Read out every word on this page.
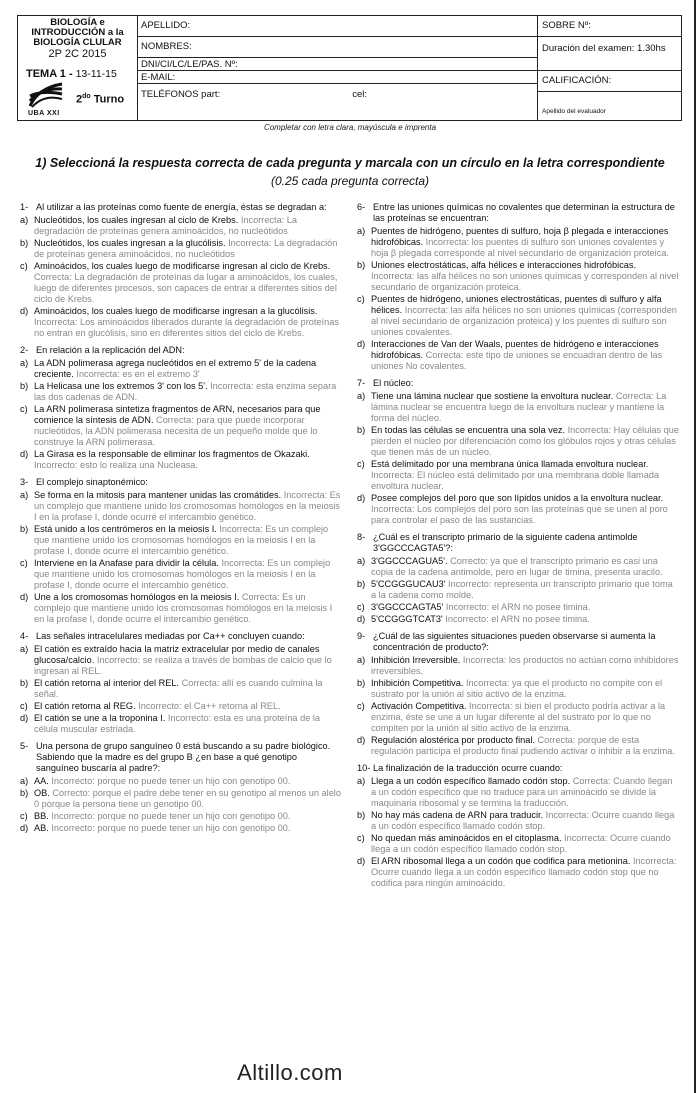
BIOLOGÍA e
INTRODUCCIÓN a la
BIOLOGÍA CLULAR
2P 2C 2015
TEMA 1 - 13-11-15
UBA XXI
$2^{do}$ Turno
APELLIDO:
NOMBRES:
DNI/CI/LC/LE/PAS. Nº:
E-MAIL:
TELÉFONOS part:	cel:
SOBRE Nº:
Duración del examen: 1.30hs
CALIFICACIÓN:
Apellido del evaluador
Completar con letra clara, mayúscula e imprenta
1) Seleccioná la respuesta correcta de cada pregunta y marcala con un círculo en la letra correspondiente
(0.25 cada pregunta correcta)
1- Al utilizar a las proteínas como fuente de energía, éstas se degradan a:
a) Nucleótidos, los cuales ingresan al ciclo de Krebs. Incorrecta: La degradación de proteínas genera aminoácidos, no nucleótidos
b) Nucleótidos, los cuales ingresan a la glucólisis. Incorrecta: La degradación de proteínas genera aminoácidos, no nucleótidos
c) Aminoácidos, los cuales luego de modificarse ingresan al ciclo de Krebs. Correcta: La degradación de proteínas da lugar a aminoácidos, los cuales, luego de diferentes procesos, son capaces de entrar a diferentes sitios del ciclo de Krebs.
d) Aminoácidos, los cuales luego de modificarse ingresan a la glucólisis. Incorrecta: Los aminoácidos liberados durante la degradación de proteínas no entran en glucólisis, sino en diferentes sitios del ciclo de Krebs.
2- En relación a la replicación del ADN:
a) La ADN polimerasa agrega nucleótidos en el extremo 5' de la cadena creciente. Incorrecta: es en el extremo 3'
b) La Helicasa une los extremos 3' con los 5'. Incorrecta: esta enzima separa las dos cadenas de ADN.
c) La ARN polimerasa sintetiza fragmentos de ARN, necesarios para que comience la síntesis de ADN. Correcta: para que puede incorporar nucleótidos, la ADN polimerasa necesita de un pequeño molde que lo construye la ARN polimerasa.
d) La Girasa es la responsable de eliminar los fragmentos de Okazaki. Incorrecto: esto lo realiza una Nucleasa.
3- El complejo sinaptonémico:
a) Se forma en la mitosis para mantener unidas las cromátides. Incorrecta: Es un complejo que mantiene unido los cromosomas homólogos en la meiosis I en la profase I, donde ocurre el intercambio genético.
b) Está unido a los centrómeros en la meiosis I. Incorrecta: Es un complejo que mantiene unido los cromosomas homólogos en la meiosis I en la profase I, donde ocurre el intercambio genético.
c) Interviene en la Anafase para dividir la célula. Incorrecta: Es un complejo que mantiene unido los cromosomas homólogos en la meiosis I en la profase I, donde ocurre el intercambio genético.
d) Une a los cromosomas homólogos en la meiosis I. Correcta: Es un complejo que mantiene unido los cromosomas homólogos en la meiosis I en la profase I, donde ocurre el intercambio genético.
4- Las señales intracelulares mediadas por Ca++ concluyen cuando:
a) El catión es extraído hacia la matriz extracelular por medio de canales glucosa/calcio. Incorrecto: se realiza a través de bombas de calcio que lo ingresan al REL.
b) El catión retorna al interior del REL. Correcta: allí es cuando culmina la señal.
c) El catión retorna al REG. Incorrecto: el Ca++ retorna al REL.
d) El catión se une a la troponina I. Incorrecto: esta es una proteína de la célula muscular estriada.
5- Una persona de grupo sanguíneo 0 está buscando a su padre biológico. Sabiendo que la madre es del grupo B ¿en base a qué genotipo sanguíneo buscaría al padre?:
a) AA. Incorrecto: porque no puede tener un hijo con genotipo 00.
b) OB. Correcto: porque el padre debe tener en su genotipo al menos un alelo 0 porque la persona tiene un genotipo 00.
c) BB. Incorrecto: porque no puede tener un hijo con genotipo 00.
d) AB. Incorrecto: porque no puede tener un hijo con genotipo 00.
6- Entre las uniones químicas no covalentes que determinan la estructura de las proteínas se encuentran:
a) Puentes de hidrógeno, puentes di sulfuro, hoja β plegada e interacciones hidrofóbicas. Incorrecta: los puentes di sulfuro son uniones covalentes y hoja β plegada corresponde al nivel secundario de organización proteica.
b) Uniones electrostáticas, alfa hélices e interacciones hidrofóbicas. Incorrecta: las alfa hélices no son uniones químicas y corresponden al nivel secundario de organización proteica.
c) Puentes de hidrógeno, uniones electrostáticas, puentes di sulfuro y alfa hélices. Incorrecta: las alfa hélices no son uniones químicas (corresponden al nivel secundario de organización proteica) y los puentes di sulfuro son uniones covalentes.
d) Interacciones de Van der Waals, puentes de hidrógeno e interacciones hidrofóbicas. Correcta: este tipo de uniones se encuadran dentro de las uniones No covalentes.
7- El núcleo:
a) Tiene una lámina nuclear que sostiene la envoltura nuclear. Correcta: La lámina nuclear se encuentra luego de la envoltura nuclear y mantiene la forma del núcleo.
b) En todas las células se encuentra una sola vez. Incorrecta: Hay células que pierden el núcleo por diferenciación como los glóbulos rojos y otras células que tienen más de un núcleo.
c) Está delimitado por una membrana única llamada envoltura nuclear. Incorrecta: El núcleo está delimitado por una membrana doble llamada envoltura nuclear.
d) Posee complejos del poro que son lípidos unidos a la envoltura nuclear. Incorrecta: Los complejos del poro son las proteínas que se unen al poro para controlar el paso de las sustancias.
8- ¿Cuál es el transcripto primario de la siguiente cadena antimolde 3'GGCCCAGTA5'?:
a) 3'GGCCCAGUA5'. Correcto: ya que el transcripto primario es casi una copia de la cadena antimolde, pero en lugar de timina, presenta uracilo.
b) 5'CCGGGUCAU3' Incorrecto: representa un transcripto primario que toma a la cadena como molde.
c) 3'GGCCCAGTA5' Incorrecto: el ARN no posee timina.
d) 5'CCGGGTCAT3' Incorrecto: el ARN no posee timina.
9- ¿Cuál de las siguientes situaciones pueden observarse si aumenta la concentración de producto?:
a) Inhibición Irreversible. Incorrecta: los productos no actúan como inhibidores irreversibles.
b) Inhibición Competitiva. Incorrecta: ya que el producto no compite con el sustrato por la unión al sitio activo de la enzima.
c) Activación Competitiva. Incorrecta: si bien el producto podría activar a la enzima, éste se une a un lugar diferente al del sustrato por lo que no compiten por la unión al sitio activo de la enzima.
d) Regulación alostérica por producto final. Correcta: porque de esta regulación participa el producto final pudiendo activar o inhibir a la enzima.
10- La finalización de la traducción ocurre cuando:
a) Llega a un codón específico llamado codón stop. Correcta: Cuando llegan a un codón específico que no traduce para un aminoácido se divide la maquinaria ribosomal y se termina la traducción.
b) No hay más cadena de ARN para traducir. Incorrecta: Ocurre cuando llega a un codón específico llamado codón stop.
c) No quedan más aminoácidos en el citoplasma. Incorrecta: Ocurre cuando llega a un codón específico llamado codón stop.
d) El ARN ribosomal llega a un codón que codifica para metionina. Incorrecta: Ocurre cuando llega a un codón específico llamado codón stop que no codifica para ningún aminoácido.
Altillo.com
